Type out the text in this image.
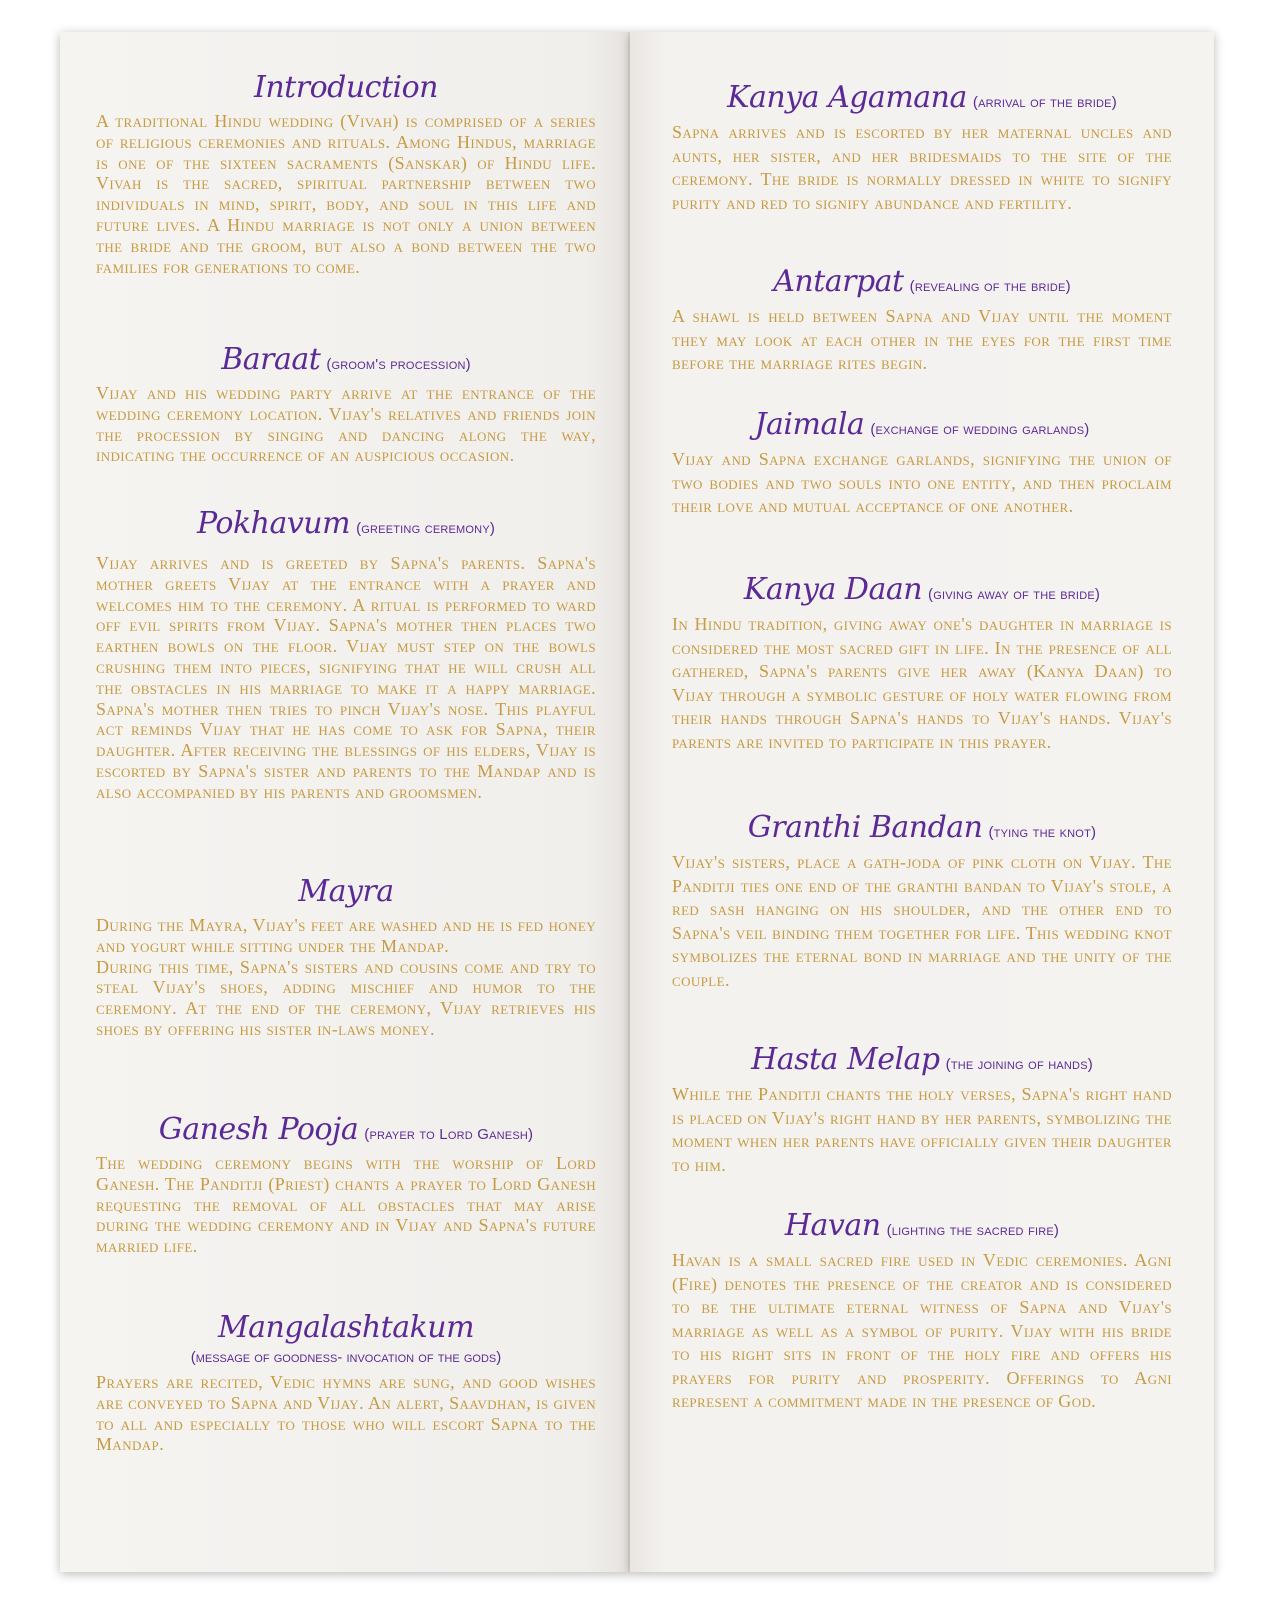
Introduction
A traditional Hindu wedding (Vivah) is comprised of a series of religious ceremonies and rituals. Among Hindus, marriage is one of the sixteen sacraments (Sanskar) of Hindu life. Vivah is the sacred, spiritual partnership between two individuals in mind, spirit, body, and soul in this life and future lives. A Hindu marriage is not only a union between the bride and the groom, but also a bond between the two families for generations to come.
Baraat (groom's procession)
Vijay and his wedding party arrive at the entrance of the wedding ceremony location. Vijay's relatives and friends join the procession by singing and dancing along the way, indicating the occurrence of an auspicious occasion.
Pokhavum (greeting ceremony)
Vijay arrives and is greeted by Sapna's parents. Sapna's mother greets Vijay at the entrance with a prayer and welcomes him to the ceremony. A ritual is performed to ward off evil spirits from Vijay. Sapna's mother then places two earthen bowls on the floor. Vijay must step on the bowls crushing them into pieces, signifying that he will crush all the obstacles in his marriage to make it a happy marriage. Sapna's mother then tries to pinch Vijay's nose. This playful act reminds Vijay that he has come to ask for Sapna, their daughter. After receiving the blessings of his elders, Vijay is escorted by Sapna's sister and parents to the Mandap and is also accompanied by his parents and groomsmen.
Mayra
During the Mayra, Vijay's feet are washed and he is fed honey and yogurt while sitting under the Mandap.
During this time, Sapna's sisters and cousins come and try to steal Vijay's shoes, adding mischief and humor to the ceremony. At the end of the ceremony, Vijay retrieves his shoes by offering his sister in-laws money.
Ganesh Pooja (prayer to Lord Ganesh)
The wedding ceremony begins with the worship of Lord Ganesh. The Panditji (Priest) chants a prayer to Lord Ganesh requesting the removal of all obstacles that may arise during the wedding ceremony and in Vijay and Sapna's future married life.
Mangalashtakum
(message of goodness- invocation of the gods)
Prayers are recited, Vedic hymns are sung, and good wishes are conveyed to Sapna and Vijay. An alert, Saavdhan, is given to all and especially to those who will escort Sapna to the Mandap.
Kanya Agamana (arrival of the bride)
Sapna arrives and is escorted by her maternal uncles and aunts, her sister, and her bridesmaids to the site of the ceremony. The bride is normally dressed in white to signify purity and red to signify abundance and fertility.
Antarpat (revealing of the bride)
A shawl is held between Sapna and Vijay until the moment they may look at each other in the eyes for the first time before the marriage rites begin.
Jaimala (exchange of wedding garlands)
Vijay and Sapna exchange garlands, signifying the union of two bodies and two souls into one entity, and then proclaim their love and mutual acceptance of one another.
Kanya Daan (giving away of the bride)
In Hindu tradition, giving away one's daughter in marriage is considered the most sacred gift in life. In the presence of all gathered, Sapna's parents give her away (Kanya Daan) to Vijay through a symbolic gesture of holy water flowing from their hands through Sapna's hands to Vijay's hands. Vijay's parents are invited to participate in this prayer.
Granthi Bandan (tying the knot)
Vijay's sisters, place a gath-joda of pink cloth on Vijay. The Panditji ties one end of the granthi bandan to Vijay's stole, a red sash hanging on his shoulder, and the other end to Sapna's veil binding them together for life. This wedding knot symbolizes the eternal bond in marriage and the unity of the couple.
Hasta Melap (the joining of hands)
While the Panditji chants the holy verses, Sapna's right hand is placed on Vijay's right hand by her parents, symbolizing the moment when her parents have officially given their daughter to him.
Havan (lighting the sacred fire)
Havan is a small sacred fire used in Vedic ceremonies. Agni (Fire) denotes the presence of the creator and is considered to be the ultimate eternal witness of Sapna and Vijay's marriage as well as a symbol of purity. Vijay with his bride to his right sits in front of the holy fire and offers his prayers for purity and prosperity. Offerings to Agni represent a commitment made in the presence of God.
